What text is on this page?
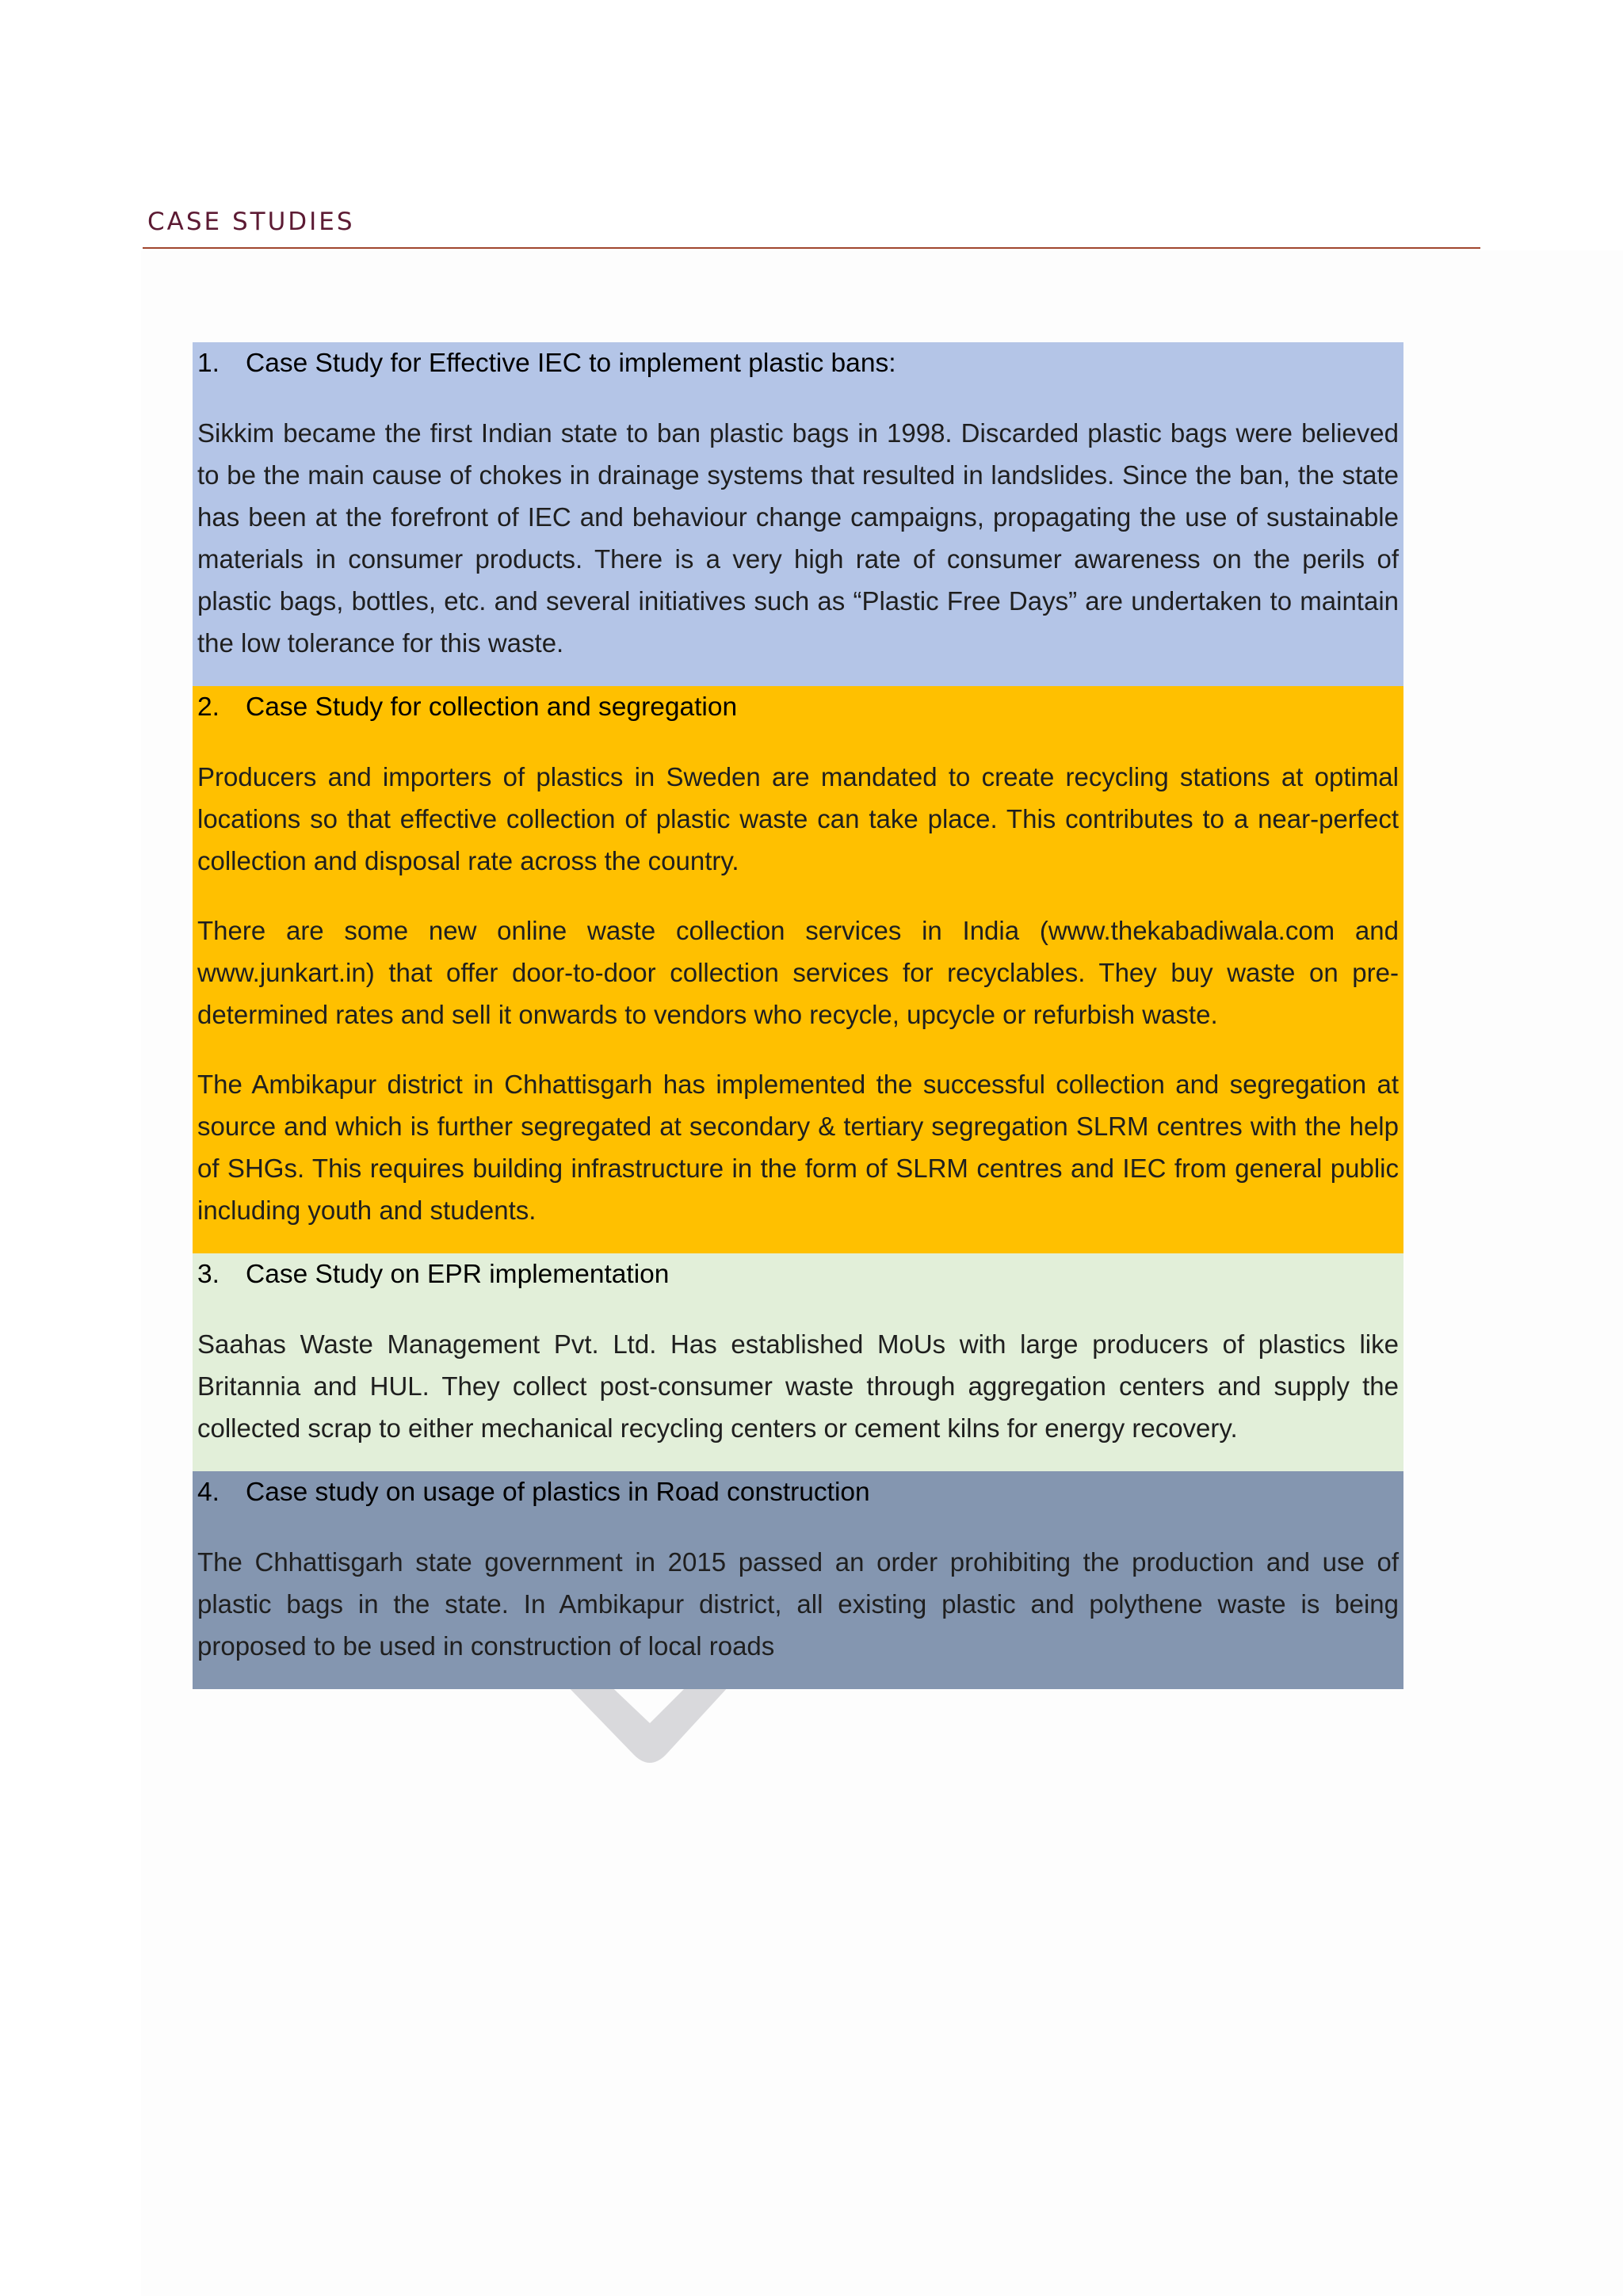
CASE STUDIES

1. Case Study for Effective IEC to implement plastic bans:

Sikkim became the first Indian state to ban plastic bags in 1998. Discarded plastic bags were believed to be the main cause of chokes in drainage systems that resulted in landslides. Since the ban, the state has been at the forefront of IEC and behaviour change campaigns, propagating the use of sustainable materials in consumer products. There is a very high rate of consumer awareness on the perils of plastic bags, bottles, etc. and several initiatives such as “Plastic Free Days” are undertaken to maintain the low tolerance for this waste.

2. Case Study for collection and segregation

Producers and importers of plastics in Sweden are mandated to create recycling stations at optimal locations so that effective collection of plastic waste can take place. This contributes to a near-perfect collection and disposal rate across the country.

There are some new online waste collection services in India (www.thekabadiwala.com and www.junkart.in) that offer door-to-door collection services for recyclables. They buy waste on pre-determined rates and sell it onwards to vendors who recycle, upcycle or refurbish waste.

The Ambikapur district in Chhattisgarh has implemented the successful collection and segregation at source and which is further segregated at secondary & tertiary segregation SLRM centres with the help of SHGs. This requires building infrastructure in the form of SLRM centres and IEC from general public including youth and students.

3. Case Study on EPR implementation

Saahas Waste Management Pvt. Ltd. Has established MoUs with large producers of plastics like Britannia and HUL. They collect post-consumer waste through aggregation centers and supply the collected scrap to either mechanical recycling centers or cement kilns for energy recovery.

4. Case study on usage of plastics in Road construction

The Chhattisgarh state government in 2015 passed an order prohibiting the production and use of plastic bags in the state. In Ambikapur district, all existing plastic and polythene waste is being proposed to be used in construction of local roads
